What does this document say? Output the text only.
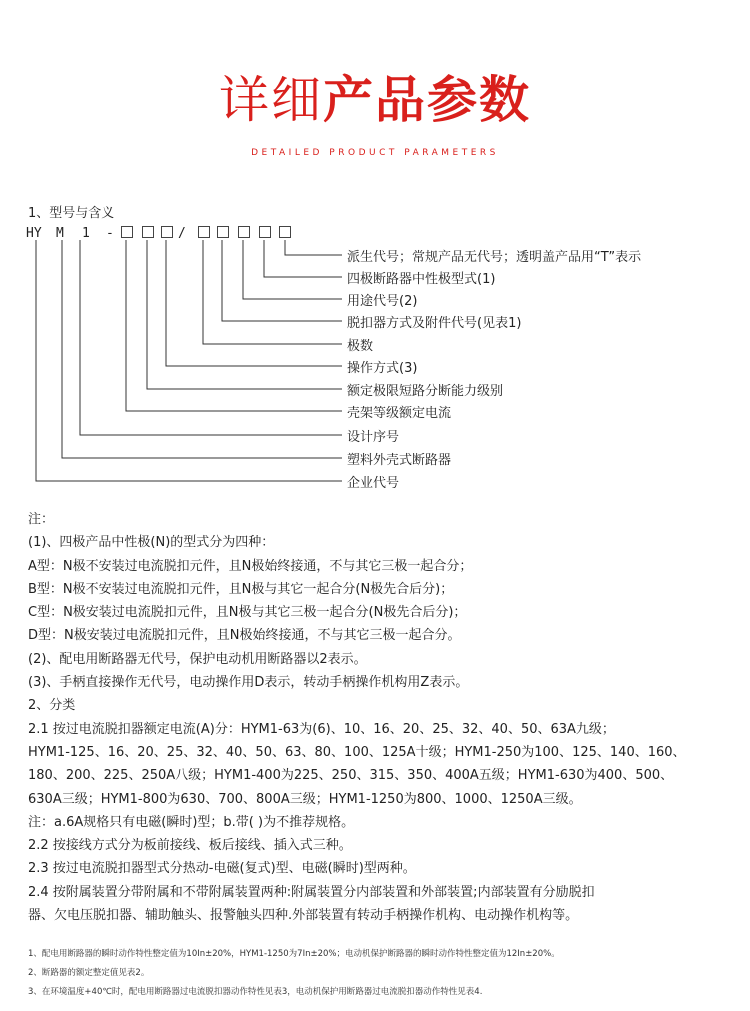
详细产品参数
DETAILED PRODUCT PARAMETERS
1、型号与含义
HY M 1 -	/
派生代号；常规产品无代号；透明盖产品用“T”表示
四极断路器中性极型式(1)
用途代号(2)
脱扣器方式及附件代号(见表1)
极数
操作方式(3)
额定极限短路分断能力级别
壳架等级额定电流
设计序号
塑料外壳式断路器
企业代号
注：
(1)、四极产品中性极(N)的型式分为四种：
A型：N极不安装过电流脱扣元件，且N极始终接通，不与其它三极一起合分；
B型：N极不安装过电流脱扣元件，且N极与其它一起合分(N极先合后分)；
C型：N极安装过电流脱扣元件，且N极与其它三极一起合分(N极先合后分)；
D型：N极安装过电流脱扣元件，且N极始终接通，不与其它三极一起合分。
(2)、配电用断路器无代号，保护电动机用断路器以2表示。
(3)、手柄直接操作无代号，电动操作用D表示，转动手柄操作机构用Z表示。
2、分类
2.1 按过电流脱扣器额定电流(A)分：HYM1-63为(6)、10、16、20、25、32、40、50、63A九级；
HYM1-125、16、20、25、32、40、50、63、80、100、125A十级；HYM1-250为100、125、140、160、
180、200、225、250A八级；HYM1-400为225、250、315、350、400A五级；HYM1-630为400、500、
630A三级；HYM1-800为630、700、800A三级；HYM1-1250为800、1000、1250A三级。
注：a.6A规格只有电磁(瞬时)型；b.带( )为不推荐规格。
2.2 按接线方式分为板前接线、板后接线、插入式三种。
2.3 按过电流脱扣器型式分热动-电磁(复式)型、电磁(瞬时)型两种。
2.4 按附属装置分带附属和不带附属装置两种:附属装置分内部装置和外部装置;内部装置有分励脱扣
器、欠电压脱扣器、辅助触头、报警触头四种.外部装置有转动手柄操作机构、电动操作机构等。
1、配电用断路器的瞬时动作特性整定值为10In±20%，HYM1-1250为7In±20%；电动机保护断路器的瞬时动作特性整定值为12In±20%。
2、断路器的额定整定值见表2。
3、在环境温度+40℃时，配电用断路器过电流脱扣器动作特性见表3，电动机保护用断路器过电流脱扣器动作特性见表4.
